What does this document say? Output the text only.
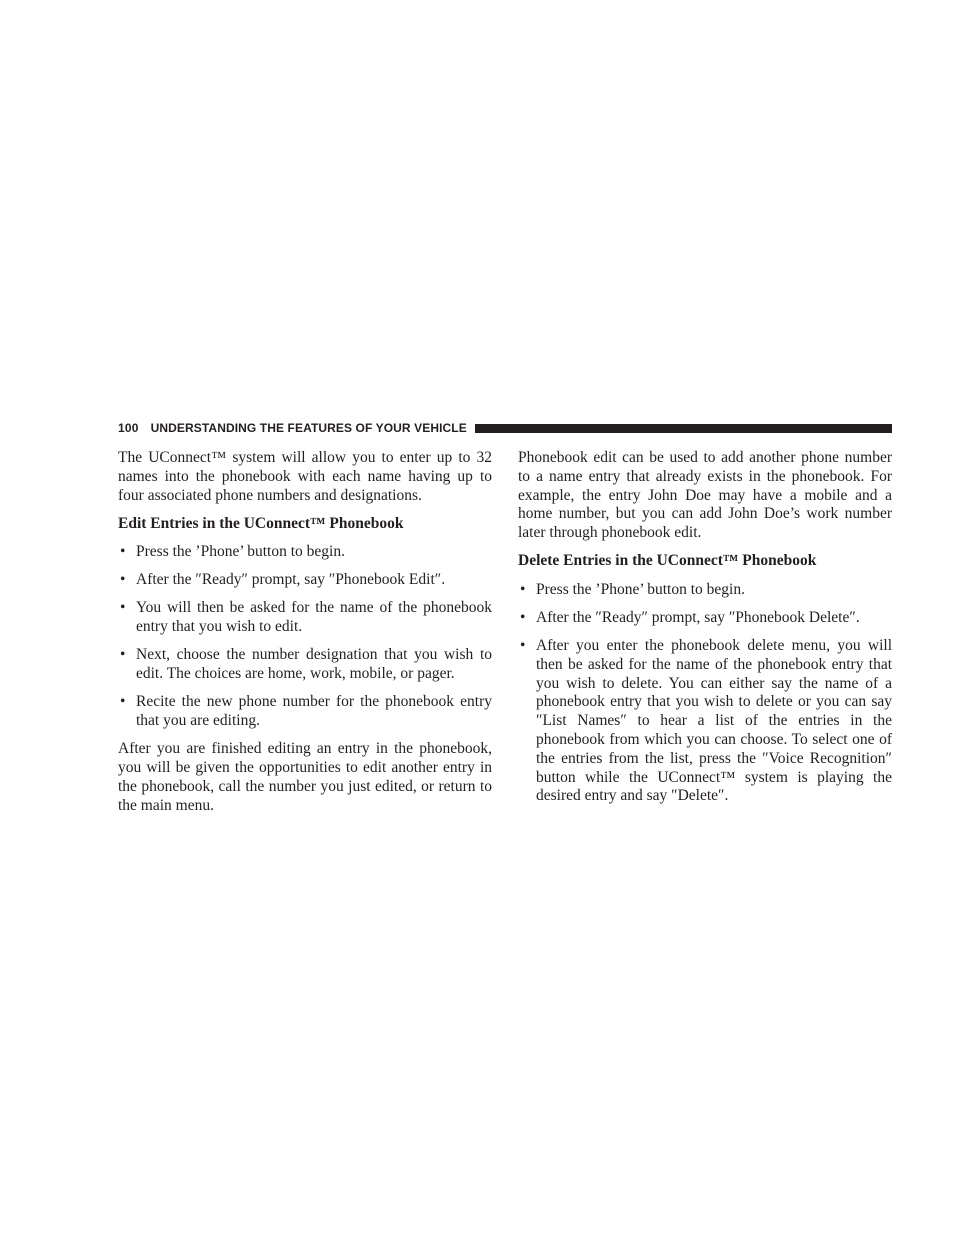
100 UNDERSTANDING THE FEATURES OF YOUR VEHICLE

The UConnect™ system will allow you to enter up to 32 names into the phonebook with each name having up to four associated phone numbers and designations.

Edit Entries in the UConnect™ Phonebook
• Press the ’Phone’ button to begin.
• After the ″Ready″ prompt, say ″Phonebook Edit″.
• You will then be asked for the name of the phonebook entry that you wish to edit.
• Next, choose the number designation that you wish to edit. The choices are home, work, mobile, or pager.
• Recite the new phone number for the phonebook entry that you are editing.

After you are finished editing an entry in the phonebook, you will be given the opportunities to edit another entry in the phonebook, call the number you just edited, or return to the main menu.

Phonebook edit can be used to add another phone number to a name entry that already exists in the phonebook. For example, the entry John Doe may have a mobile and a home number, but you can add John Doe’s work number later through phonebook edit.

Delete Entries in the UConnect™ Phonebook
• Press the ’Phone’ button to begin.
• After the ″Ready″ prompt, say ″Phonebook Delete″.
• After you enter the phonebook delete menu, you will then be asked for the name of the phonebook entry that you wish to delete. You can either say the name of a phonebook entry that you wish to delete or you can say ″List Names″ to hear a list of the entries in the phonebook from which you can choose. To select one of the entries from the list, press the ″Voice Recognition″ button while the UConnect™ system is playing the desired entry and say ″Delete″.
